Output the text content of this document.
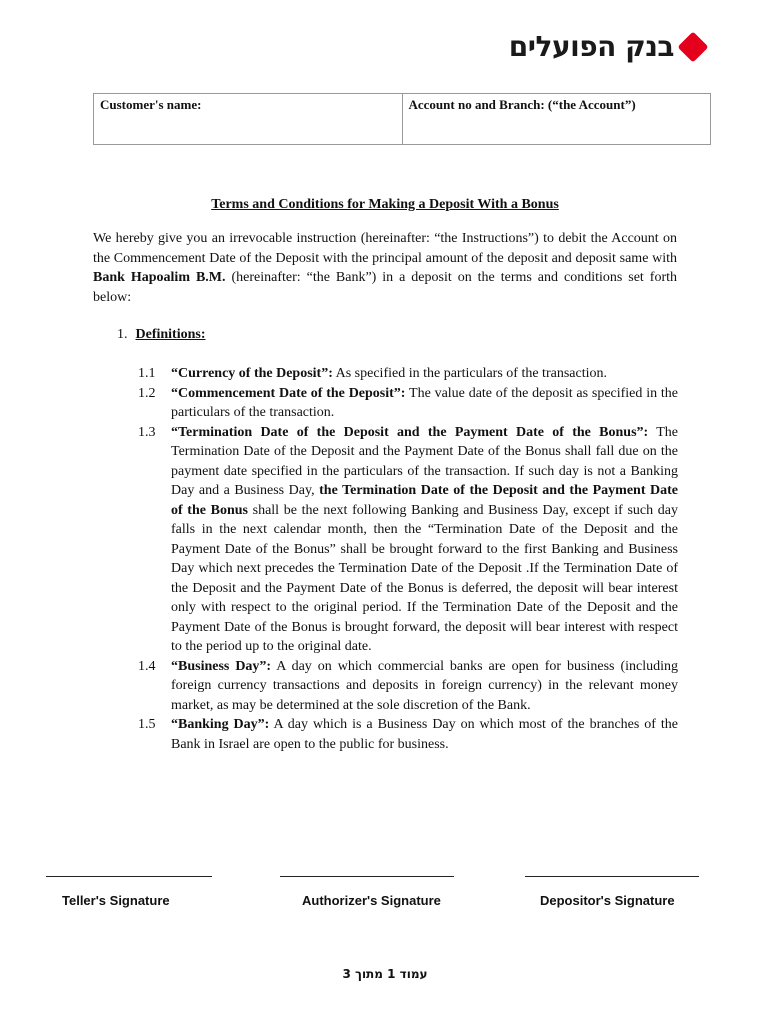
בנק הפועלים
Customer's name:	Account no and Branch: (“the Account”)
Terms and Conditions for Making a Deposit With a Bonus
We hereby give you an irrevocable instruction (hereinafter: “the Instructions”) to debit the Account on the Commencement Date of the Deposit with the principal amount of the deposit and deposit same with Bank Hapoalim B.M. (hereinafter: “the Bank”) in a deposit on the terms and conditions set forth below:
1. Definitions:
1.1 “Currency of the Deposit”: As specified in the particulars of the transaction.
1.2 “Commencement Date of the Deposit”: The value date of the deposit as specified in the particulars of the transaction.
1.3 “Termination Date of the Deposit and the Payment Date of the Bonus”: The Termination Date of the Deposit and the Payment Date of the Bonus shall fall due on the payment date specified in the particulars of the transaction. If such day is not a Banking Day and a Business Day, the Termination Date of the Deposit and the Payment Date of the Bonus shall be the next following Banking and Business Day, except if such day falls in the next calendar month, then the “Termination Date of the Deposit and the Payment Date of the Bonus” shall be brought forward to the first Banking and Business Day which next precedes the Termination Date of the Deposit .If the Termination Date of the Deposit and the Payment Date of the Bonus is deferred, the deposit will bear interest only with respect to the original period. If the Termination Date of the Deposit and the Payment Date of the Bonus is brought forward, the deposit will bear interest with respect to the period up to the original date.
1.4 “Business Day”: A day on which commercial banks are open for business (including foreign currency transactions and deposits in foreign currency) in the relevant money market, as may be determined at the sole discretion of the Bank.
1.5 “Banking Day”: A day which is a Business Day on which most of the branches of the Bank in Israel are open to the public for business.
Teller's Signature	Authorizer's Signature	Depositor's Signature
עמוד 1 מתוך 3
